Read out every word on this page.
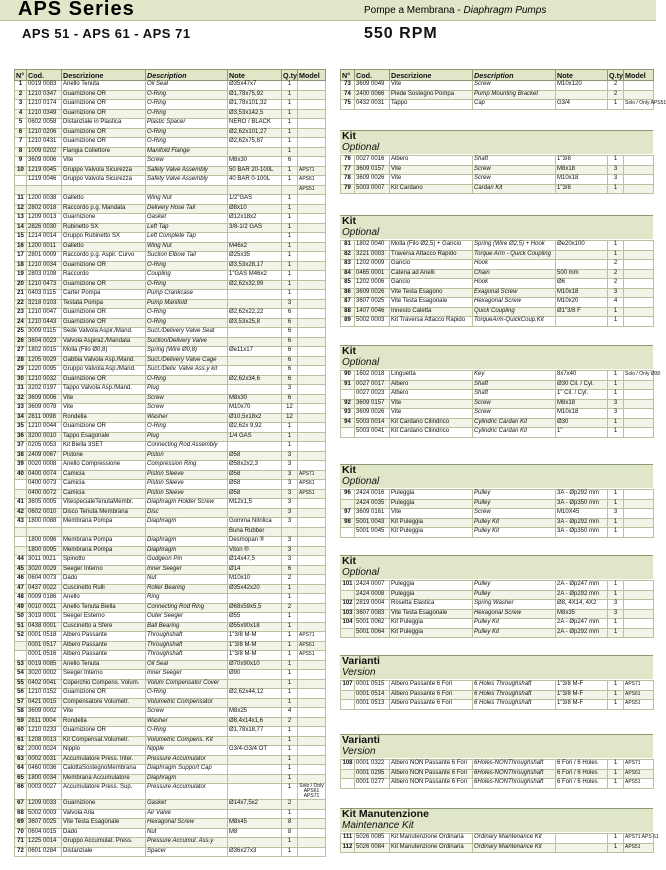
APS Series	Pompe a Membrana - Diaphragm Pumps
APS 51 - APS 61 - APS 71	550 RPM
N°	Cod.	Descrizione	Description	Note	Q.ty	Model
1	0019 0083	Anello Tenuta	Oil Seal	Ø35x47x7	1	
2	1210 0347	Guarnizione OR	O-Ring	Ø1,78x75,92	1	
3	1210 0174	Guarnizione OR	O-Ring	Ø1,78x101,32	1	
4	1210 0349	Guarnizione OR	O-Ring	Ø3,53x142,5	1	
5	0602 0058	Distanziale in Plastica	Plastic Spacer	NERO / BLACK	1	
6	1210 0206	Guarnizione OR	O-Ring	Ø2,62x101,27	1	
7	1210 0431	Guarnizione OR	O-Ring	Ø2,62x75,87	1	
8	1009 0202	Flangia Collettore	Manifold Flange		1	
9	3609 0006	Vite	Screw	M8x30	6	
10	1219 0045	Gruppo Valvola Sicurezza	Safety Valve Assembly	50 BAR 20-100L	1	APS71
	1219 0046	Gruppo Valvola Sicurezza	Safety Valve Assembly	40 BAR 0-100L	1	APS61
						APS51
11	1200 0038	Galletto	Wing Nut	1/2"GAS	1	
12	2802 0018	Raccordo p.g. Mandata	Delivery Hose Tail	Ø8x10	1	
13	1209 0013	Guarnizione	Gasket	Ø12x18x2	1	
14	2826 0030	Rubinetto SX	Left Tap	3/8-1/2 GAS	1	
15	1214 0014	Gruppo Rubinetto SX	Left Complete Tap		1	
16	1200 0011	Galletto	Wing Nut	M46x2	1	
17	2801 0009	Raccordo p.g. Aspir. Curvo	Suction Elbow Tail	Ø25x35	1	
18	1210 0034	Guarnizione OR	O-Ring	Ø3,53x28,17	1	
19	2803 0108	Raccordo	Coupling	1"GAS M46x2	1	
20	1210 0473	Guarnizione OR	O-Ring	Ø2,62x32,99	1	
21	0403 0115	Carter Pompa	Pump Crankcase		1	
22	3218 0103	Testata Pompa	Pump Manifold		3	
23	1210 0047	Guarnizione OR	O-Ring	Ø2,62x22,22	6	
24	1210 0443	Guarnizione OR	O-Ring	Ø3,53x25,8	6	
25	3009 0115	Sede Valvola Aspir./Mand.	Suct./Delivery Valve Seat		6	
26	3604 0023	Valvola Aspiraz./Mandata	Suction/Delivery Valve		6	
27	1802 0015	Molla (Filo Ø0,8)	Spring (Wire Ø0,8)	Øe11x17	6	
28	1205 0029	Gabbia Valvola Asp./Mand.	Suct./Delivery Valve Cage		6	
29	1220 0095	Gruppo Valvola Asp./Mand.	Suct./Deliv. Valve Ass.y kit		6	
30	1210 0032	Guarnizione OR	O-Ring	Ø2,62x34,6	6	
31	3202 0197	Tappo Valvola Asp./Mand.	Plug		3	
32	3609 0006	Vite	Screw	M8x30	6	
33	3609 0078	Vite	Screw	M10x70	12	
34	2811 0098	Rondella	Washer	Ø10,5x18x2	12	
35	1210 0044	Guarnizione OR	O-Ring	Ø2,62x 9,92	1	
36	3200 0010	Tappo Esagonale	Plug	1/4 GAS	1	
37	0205 0053	Kit Biella 3SET	Connecting Rod Assembly		1	
38	2409 0067	Pistone	Piston	Ø58	3	
39	0020 0008	Anello Compressione	Compression Ring	Ø58x2x2,3	3	
40	0400 0074	Camicia	Piston Sleeve	Ø58	3	APS71
	0400 0073	Camicia	Piston Sleeve	Ø58	3	APS61
	0400 0072	Camicia	Piston Sleeve	Ø58	3	APS51
41	3605 0005	VitespecialeTenutaMembr.	Diaphragm Holder Screw	M12x1,5	3	
42	0602 0010	Disco Tenuta Membrana	Disc		3	
43	1800 0088	Membrana Pompa	Diaphragm	Gomma Nitrilica	3	
				Buna Rubber		
	1800 0096	Membrana Pompa	Diaphragm	Desmopan ®	3	
	1800 0095	Membrana Pompa	Diaphragm	Viton ®	3	
44	3011 0021	Spinotto	Gudgeon Pin	Ø14x47,5	3	
45	3020 0029	Seeger Interno	Inner Seeger	Ø14	6	
46	0604 0073	Dado	Nut	M10x10	2	
47	0437 0022	Cuscinetto Rulli	Roller Bearing	Ø35x42x20	1	
48	0009 0186	Anello	Ring		1	
49	0010 0021	Anello Tenuta Biella	Connecting Rod Ring	Ø68x59x5,5	2	
50	3019 0001	Seeger Esterno	Outer Seeger	Ø55	1	
51	0438 0001	Cuscinetto a Sfere	Ball Bearing	Ø55x90x18	1	
52	0001 0518	Albero Passante	Throughshaft	1"3/8 M-M	1	APS71
	0001 0517	Albero Passante	Throughshaft	1"3/8 M-M	1	APS61
	0001 0516	Albero Passante	Throughshaft	1"3/8 M-M	1	APS51
53	0019 0085	Anello Tenuta	Oil Seal	Ø70x90x10	1	
54	3020 0002	Seeger Interno	Inner Seeger	Ø90	1	
55	0402 0041	Coperchio Compens. Volum.	Volum Compensator Cover		1	
56	1210 0152	Guarnizione OR	O-Ring	Ø2,62x44,12	1	
57	0421 0015	Compensatore Volumetr.	Volumetric Compensator		1	
58	3609 0002	Vite	Screw	M8x25	4	
59	2811 0004	Rondella	Washer	Ø8,4x14x1,6	2	
60	1210 0233	Guarnizione OR	O-Ring	Ø1,78x18,77	1	
61	1208 0013	Kit Compensat.Volumetr.	Volumetric Compens. Kit		1	
62	2000 0024	Nipplo	Nipple	G3/4-G3/4 OT	1	
63	0002 0031	Accumulatore Press. Inter.	Pressure Accumulator		1	
64	0460 0036	CalottaSostegnoMembrana	Diaphragm Support Cap		1	
65	1800 0034	Membrana Accumulatore	Diaphragm		1	
66	0003 0027	Accumulatore Press. Sup.	Pressure Accumulator		1	Solo / Only APS61 APS71
67	1209 0033	Guarnizione	Gasket	Ø14x7,5x2	2	
68	5002 0003	Valvola Aria	Air Valve		1	
69	3607 0025	Vite Testa Esagonale	Hexagonal Screw	M8x45	8	
70	0604 0015	Dado	Nut	M8	8	
71	1225 0014	Gruppo Accumulat. Press.	Pressure Accumul. Ass.y		1	
72	0601 0284	Distanziale	Spacer	Ø36x27x3	1	
N°	Cod.	Descrizione	Description	Note	Q.ty	Model
73	3609 0049	Vite	Screw	M10x120	2	
74	2400 0066	Piede Sostegno Pompa	Pump Mounting Bracket		2	
75	0432 0031	Tappo	Cap	G3/4	1	Solo / Only APS51
Kit
Optional
76	0027 0016	Albero	Shaft	1"3/8	1	
77	3609 0157	Vite	Screw	M8x18	3	
78	3609 0026	Vite	Screw	M10x18	3	
79	5003 0007	Kit Cardano	Cardan Kit	1"3/8	1	
Kit
Optional
81	1802 0040	Molla (Filo Ø2,5) + Gancio	Spring (Wire Ø2,5) + Hook	Øe20x100	1	
82	3221 0003	Traversa Attacco Rapido	Torque Arm - Quick Coupling		1	
83	1202 0009	Gancio	Hook		2	
84	0465 0001	Catena ad Anelli	Chain	500 mm	2	
85	1202 0006	Gancio	Hook	Ø6	2	
86	3609 0026	Vite Testa Esagono	Exagonal Screw	M10x18	3	
87	3607 0025	Vite Testa Esagonale	Hexagonal Screw	M10x20	4	
88	1407 0046	Innesto Caletta	Quick Coupling	Ø1"3/8 F	1	
89	5002 0003	Kit Traversa Attacco Rapido	TorqueArm-QuickCoup.Kit		1	
Kit
Optional
90	1602 0018	Linguetta	Key	8x7x40	1	Solo / Only Ø30
91	0027 0017	Albero	Shaft	Ø30 Cil. / Cyl.	1	
	0027 0023	Albero	Shaft	1" Cil. / Cyl.	1	
92	3609 0157	Vite	Screw	M8x18	3	
93	3609 0026	Vite	Screw	M10x18	3	
94	5003 0014	Kit Cardano Cilindrico	Cylindric Cardan Kit	Ø30	1	
	5003 0041	Kit Cardano Cilindrico	Cylindric Cardan Kit	1"	1	
Kit
Optional
96	2424 0016	Puleggia	Pulley	3A - Øp292 mm	1	
	2424 0035	Puleggia	Pulley	3A - Øp350 mm	1	
97	3609 0161	Vite	Screw	M10X45	3	
98	5001 0043	Kit Puleggia	Pulley Kit	3A - Øp292 mm	1	
	5001 0045	Kit Puleggia	Pulley Kit	3A - Øp350 mm	1	
Kit
Optional
101	2424 0007	Puleggia	Pulley	2A - Øp247 mm	1	
	2424 0008	Puleggia	Pulley	2A - Øp292 mm	1	
102	2819 0004	Rosetta Elastica	Spring Washer	Ø8, 4X14, 4X2	3	
103	3607 0083	Vite Testa Esagonale	Hexagonal Screw	M8x35	3	
104	5001 0062	Kit Puleggia	Pulley Kit	2A - Øp247 mm	1	
	5001 0064	Kit Puleggia	Pulley Kit	2A - Øp292 mm	1	
Varianti
Version
107	0001 0515	Albero Passante 6 Fori	6 Holes Throughshaft	1"3/8 M-F	1	APS71
	0001 0514	Albero Passante 6 Fori	6 Holes Throughshaft	1"3/8 M-F	1	APS61
	0001 0513	Albero Passante 6 Fori	6 Holes Throughshaft	1"3/8 M-F	1	APS51
Varianti
Version
108	0001 0322	Albero NON Passante 6 Fori	6Holes-NONThroughshaft	6 Fori / 6 Holes	1	APS71
	0001 0295	Albero NON Passante 6 Fori	6Holes-NONThroughshaft	6 Fori / 6 Holes	1	APS61
	0001 0277	Albero NON Passante 6 Fori	6Holes-NONThroughshaft	6 Fori / 6 Holes	1	APS51
Kit Manutenzione
Maintenance Kit
111	5026 0085	Kit Manutenzione Ordinaria	Ordinary Maintenance Kit		1	APS71 APS 61
112	5026 0084	Kit Manutenzione Ordinaria	Ordinary Maintenance Kit		1	APS51
